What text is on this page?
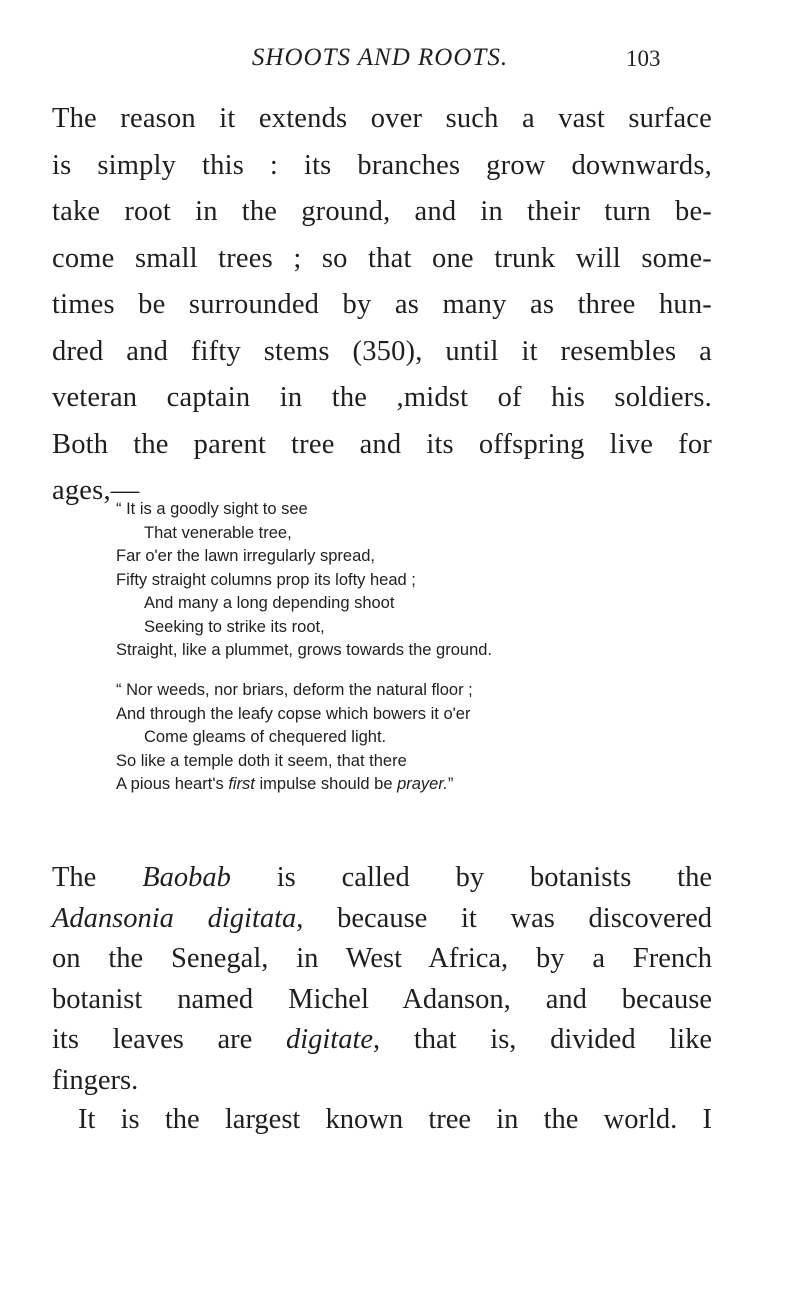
SHOOTS AND ROOTS.	103
The reason it extends over such a vast surface
is simply this : its branches grow downwards,
take root in the ground, and in their turn be-
come small trees ; so that one trunk will some-
times be surrounded by as many as three hun-
dred and fifty stems (350), until it resembles a
veteran captain in the ,midst of his soldiers.
Both the parent tree and its offspring live for
ages,—
“ It is a goodly sight to see
That venerable tree,
Far o'er the lawn irregularly spread,
Fifty straight columns prop its lofty head ;
And many a long depending shoot
Seeking to strike its root,
Straight, like a plummet, grows towards the ground.
“ Nor weeds, nor briars, deform the natural floor ;
And through the leafy copse which bowers it o'er
Come gleams of chequered light.
So like a temple doth it seem, that there
A pious heart's first impulse should be prayer.”
The Baobab is called by botanists the
Adansonia digitata, because it was discovered
on the Senegal, in West Africa, by a French
botanist named Michel Adanson, and because
its leaves are digitate, that is, divided like
fingers.
It is the largest known tree in the world. I
